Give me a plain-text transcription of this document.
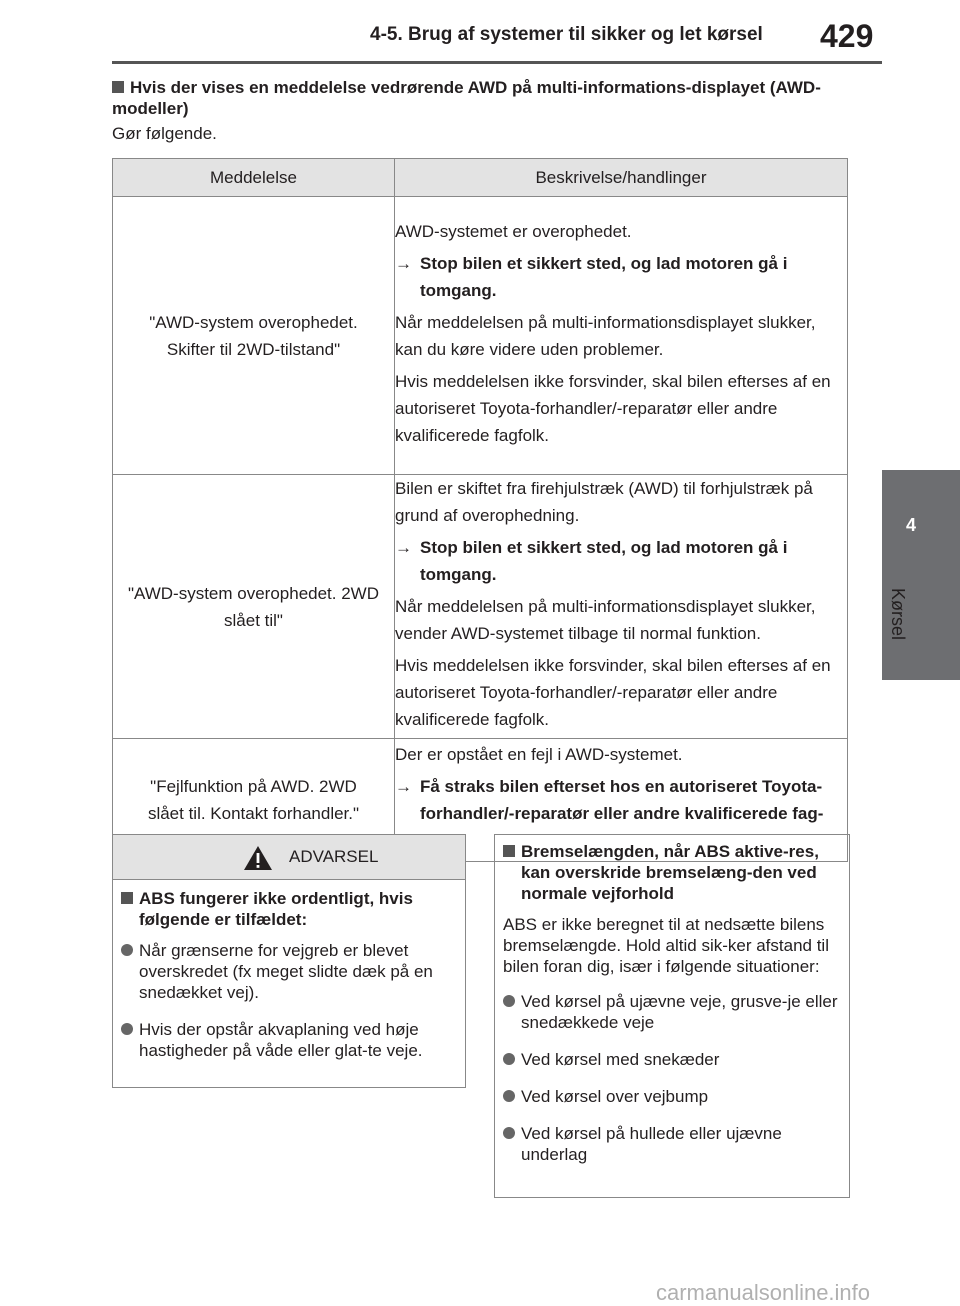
4-5. Brug af systemer til sikker og let kørsel 429
4
Kørsel
Hvis der vises en meddelelse vedrørende AWD på multi-informations-displayet (AWD-modeller)
Gør følgende.
Meddelelse	Beskrivelse/handlinger
"AWD-system overophedet. Skifter til 2WD-tilstand"	AWD-systemet er overophedet.

→ Stop bilen et sikkert sted, og lad motoren gå i tomgang.

Når meddelelsen på multi-informationsdisplayet slukker, kan du køre videre uden problemer.

Hvis meddelelsen ikke forsvinder, skal bilen efterses af en autoriseret Toyota-forhandler/-reparatør eller andre kvalificerede fagfolk.

"AWD-system overophedet. 2WD slået til"	Bilen er skiftet fra firehjulstræk (AWD) til forhjulstræk på grund af overophedning.

→ Stop bilen et sikkert sted, og lad motoren gå i tomgang.

Når meddelelsen på multi-informationsdisplayet slukker, vender AWD-systemet tilbage til normal funktion.

Hvis meddelelsen ikke forsvinder, skal bilen efterses af en autoriseret Toyota-forhandler/-reparatør eller andre kvalificerede fagfolk.

"Fejlfunktion på AWD. 2WD slået til. Kontakt forhandler."	Der er opstået en fejl i AWD-systemet.

→ Få straks bilen efterset hos en autoriseret Toyota-forhandler/-reparatør eller andre kvalificerede fag-
ADVARSEL
ABS fungerer ikke ordentligt, hvis følgende er tilfældet:
Når grænserne for vejgreb er blevet overskredet (fx meget slidte dæk på en snedækket vej).
Hvis der opstår akvaplaning ved høje hastigheder på våde eller glat-te veje.
Bremselængden, når ABS aktive-res, kan overskride bremselæng-den ved normale vejforhold

ABS er ikke beregnet til at nedsætte bilens bremselængde. Hold altid sik-ker afstand til bilen foran dig, især i følgende situationer:

Ved kørsel på ujævne veje, grusve-je eller snedækkede veje
Ved kørsel med snekæder
Ved kørsel over vejbump
Ved kørsel på hullede eller ujævne underlag
carmanualsonline.info
